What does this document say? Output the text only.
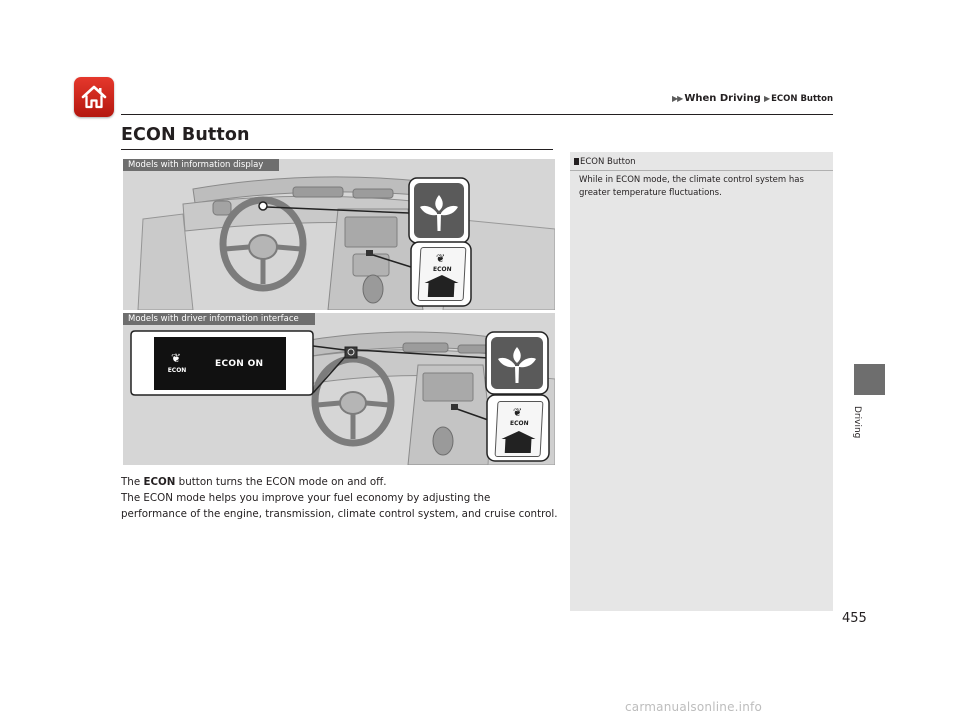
▶▶ When Driving ▶ ECON Button
ECON Button
❦
ECON
Models with information display
❦
ECON
ECON ON
❦
ECON
Models with driver information interface

The ECON button turns the ECON mode on and off.

The ECON mode helps you improve your fuel economy by adjusting the

performance of the engine, transmission, climate control system, and cruise control.

ECON Button

While in ECON mode, the climate control system has greater temperature fluctuations.

Driving
455
carmanualsonline.info
